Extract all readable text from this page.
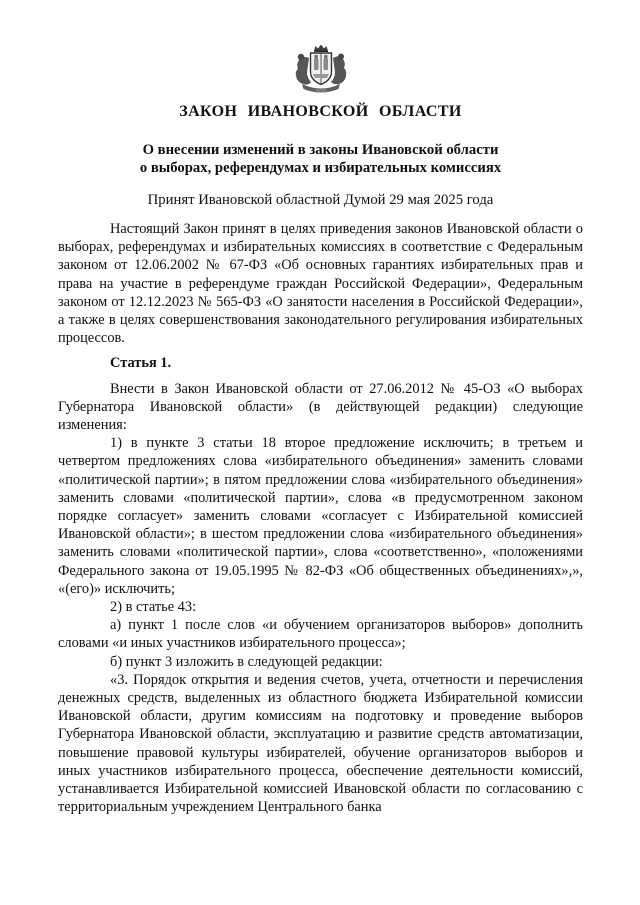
ЗАКОН ИВАНОВСКОЙ ОБЛАСТИ
О внесении изменений в законы Ивановской области
о выборах, референдумах и избирательных комиссиях
Принят Ивановской областной Думой 29 мая 2025 года

Настоящий Закон принят в целях приведения законов Ивановской области о выборах, референдумах и избирательных комиссиях в соответствие с Федеральным законом от 12.06.2002 № 67-ФЗ «Об основных гарантиях избирательных прав и права на участие в референдуме граждан Российской Федерации», Федеральным законом от 12.12.2023 № 565-ФЗ «О занятости населения в Российской Федерации», а также в целях совершенствования законодательного регулирования избирательных процессов.

Статья 1.

Внести в Закон Ивановской области от 27.06.2012 № 45-ОЗ «О выборах Губернатора Ивановской области» (в действующей редакции) следующие изменения:

1) в пункте 3 статьи 18 второе предложение исключить; в третьем и четвертом предложениях слова «избирательного объединения» заменить словами «политической партии»; в пятом предложении слова «избирательного объединения» заменить словами «политической партии», слова «в предусмотренном законом порядке согласует» заменить словами «согласует с Избирательной комиссией Ивановской области»; в шестом предложении слова «избирательного объединения» заменить словами «политической партии», слова «соответственно», «положениями Федерального закона от 19.05.1995 № 82-ФЗ «Об общественных объединениях»,», «(его)» исключить;

2) в статье 43:

а) пункт 1 после слов «и обучением организаторов выборов» дополнить словами «и иных участников избирательного процесса»;

б) пункт 3 изложить в следующей редакции:

«3. Порядок открытия и ведения счетов, учета, отчетности и перечисления денежных средств, выделенных из областного бюджета Избирательной комиссии Ивановской области, другим комиссиям на подготовку и проведение выборов Губернатора Ивановской области, эксплуатацию и развитие средств автоматизации, повышение правовой культуры избирателей, обучение организаторов выборов и иных участников избирательного процесса, обеспечение деятельности комиссий, устанавливается Избирательной комиссией Ивановской области по согласованию с территориальным учреждением Центрального банка
